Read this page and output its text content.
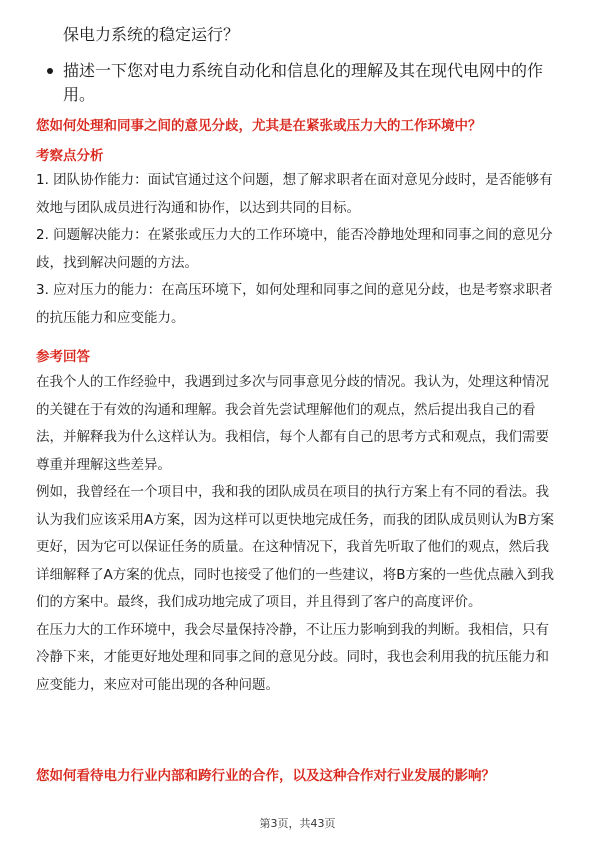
保电力系统的稳定运行？
描述一下您对电力系统自动化和信息化的理解及其在现代电网中的作用。
您如何处理和同事之间的意见分歧，尤其是在紧张或压力大的工作环境中？
考察点分析

1. 团队协作能力：面试官通过这个问题，想了解求职者在面对意见分歧时，是否能够有效地与团队成员进行沟通和协作，以达到共同的目标。

2. 问题解决能力：在紧张或压力大的工作环境中，能否冷静地处理和同事之间的意见分歧，找到解决问题的方法。

3. 应对压力的能力：在高压环境下，如何处理和同事之间的意见分歧，也是考察求职者的抗压能力和应变能力。

参考回答

在我个人的工作经验中，我遇到过多次与同事意见分歧的情况。我认为，处理这种情况的关键在于有效的沟通和理解。我会首先尝试理解他们的观点，然后提出我自己的看法，并解释我为什么这样认为。我相信，每个人都有自己的思考方式和观点，我们需要尊重并理解这些差异。

例如，我曾经在一个项目中，我和我的团队成员在项目的执行方案上有不同的看法。我认为我们应该采用A方案，因为这样可以更快地完成任务，而我的团队成员则认为B方案更好，因为它可以保证任务的质量。在这种情况下，我首先听取了他们的观点，然后我详细解释了A方案的优点，同时也接受了他们的一些建议，将B方案的一些优点融入到我们的方案中。最终，我们成功地完成了项目，并且得到了客户的高度评价。

在压力大的工作环境中，我会尽量保持冷静，不让压力影响到我的判断。我相信，只有冷静下来，才能更好地处理和同事之间的意见分歧。同时，我也会利用我的抗压能力和应变能力，来应对可能出现的各种问题。

您如何看待电力行业内部和跨行业的合作，以及这种合作对行业发展的影响？
第3页，共43页
